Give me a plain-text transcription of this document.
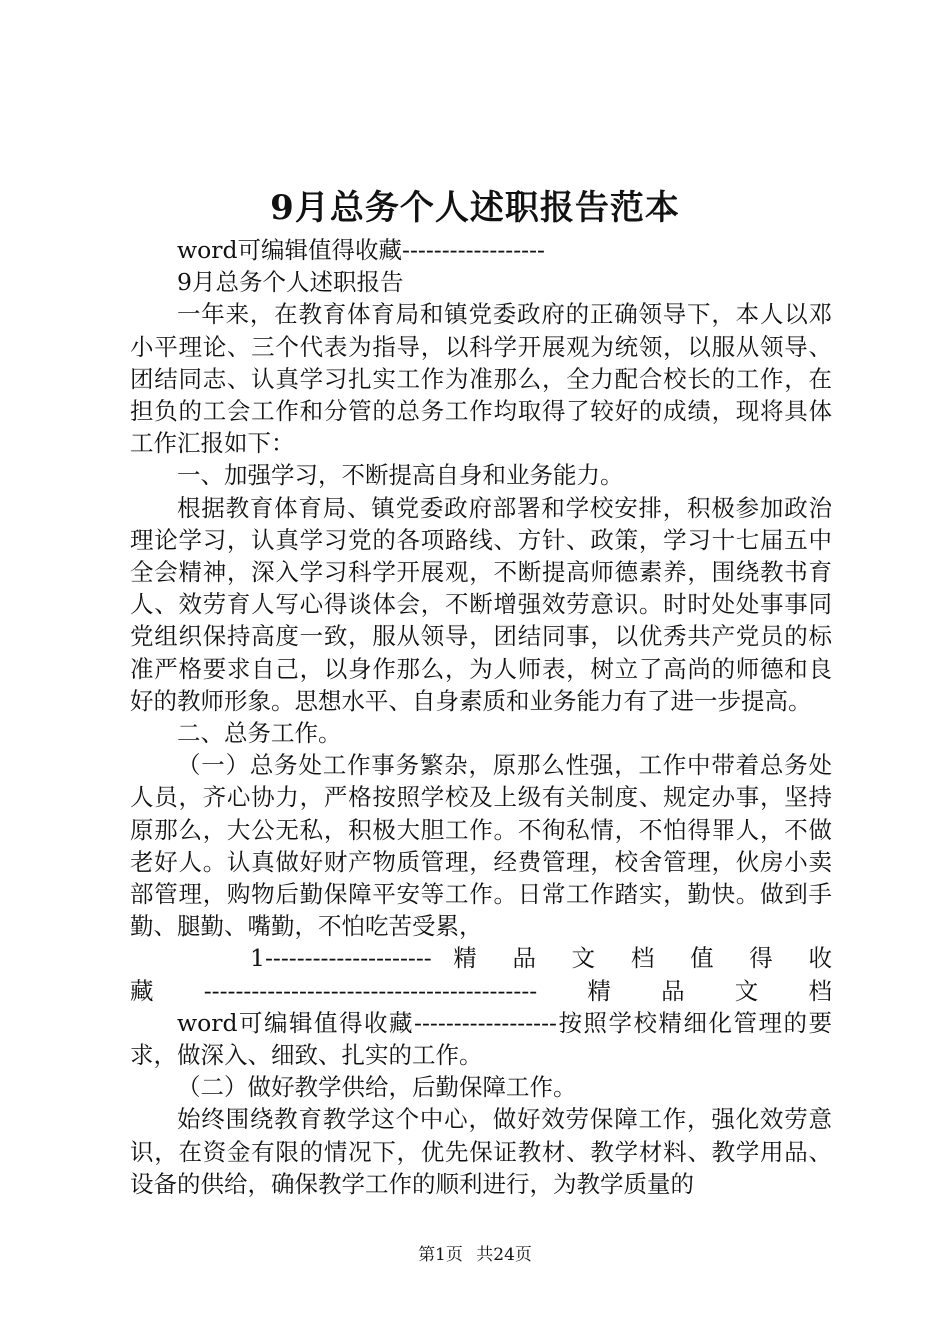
9月总务个人述职报告范本

word可编辑值得收藏------------------

9月总务个人述职报告

一年来，在教育体育局和镇党委政府的正确领导下，本人以邓小平理论、三个代表为指导，以科学开展观为统领，以服从领导、团结同志、认真学习扎实工作为准那么，全力配合校长的工作，在担负的工会工作和分管的总务工作均取得了较好的成绩，现将具体工作汇报如下：

一、加强学习，不断提高自身和业务能力。

根据教育体育局、镇党委政府部署和学校安排，积极参加政治理论学习，认真学习党的各项路线、方针、政策，学习十七届五中全会精神，深入学习科学开展观，不断提高师德素养，围绕教书育人、效劳育人写心得谈体会，不断增强效劳意识。时时处处事事同党组织保持高度一致，服从领导，团结同事，以优秀共产党员的标准严格要求自己，以身作那么，为人师表，树立了高尚的师德和良好的教师形象。思想水平、自身素质和业务能力有了进一步提高。

二、总务工作。

（一）总务处工作事务繁杂，原那么性强，工作中带着总务处人员，齐心协力，严格按照学校及上级有关制度、规定办事，坚持原那么，大公无私，积极大胆工作。不徇私情，不怕得罪人，不做老好人。认真做好财产物质管理，经费管理，校舍管理，伙房小卖部管理，购物后勤保障平安等工作。日常工作踏实，勤快。做到手勤、腿勤、嘴勤，不怕吃苦受累，

1--------------------- 精 品 文 档 值 得 收

藏------------------------------------------精品文档

word可编辑值得收藏------------------按照学校精细化管理的要求，做深入、细致、扎实的工作。

（二）做好教学供给，后勤保障工作。

始终围绕教育教学这个中心，做好效劳保障工作，强化效劳意识，在资金有限的情况下，优先保证教材、教学材料、教学用品、设备的供给，确保教学工作的顺利进行，为教学质量的

第1页 共24页
